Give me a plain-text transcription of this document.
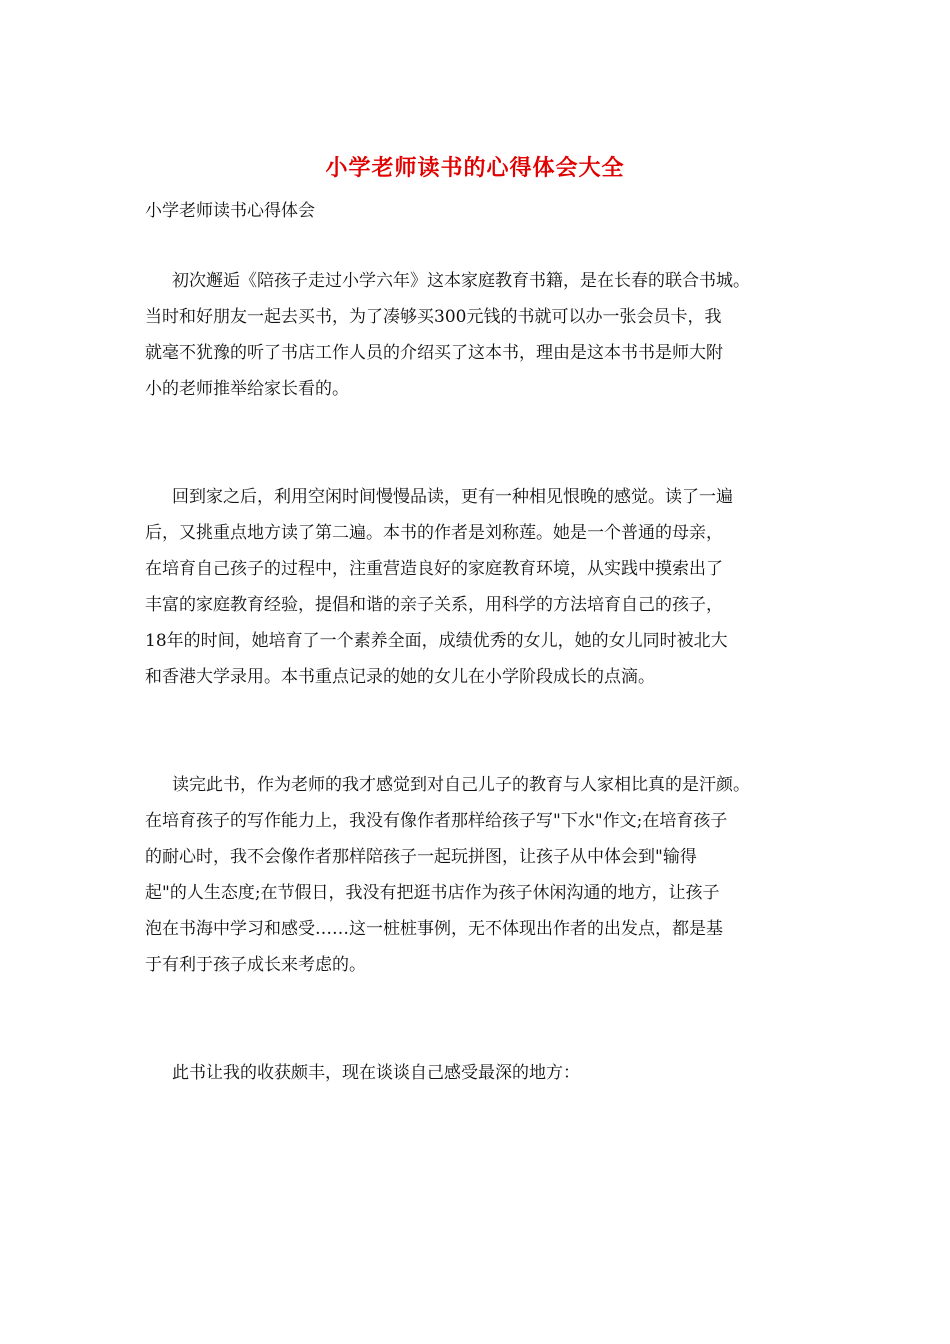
小学老师读书的心得体会大全
小学老师读书心得体会
初次邂逅《陪孩子走过小学六年》这本家庭教育书籍，是在长春的联合书城。
当时和好朋友一起去买书，为了凑够买300元钱的书就可以办一张会员卡，我
就毫不犹豫的听了书店工作人员的介绍买了这本书，理由是这本书书是师大附
小的老师推举给家长看的。
回到家之后，利用空闲时间慢慢品读，更有一种相见恨晚的感觉。读了一遍
后，又挑重点地方读了第二遍。本书的作者是刘称莲。她是一个普通的母亲，
在培育自己孩子的过程中，注重营造良好的家庭教育环境，从实践中摸索出了
丰富的家庭教育经验，提倡和谐的亲子关系，用科学的方法培育自己的孩子，
18年的时间，她培育了一个素养全面，成绩优秀的女儿，她的女儿同时被北大
和香港大学录用。本书重点记录的她的女儿在小学阶段成长的点滴。
读完此书，作为老师的我才感觉到对自己儿子的教育与人家相比真的是汗颜。
在培育孩子的写作能力上，我没有像作者那样给孩子写"下水"作文;在培育孩子
的耐心时，我不会像作者那样陪孩子一起玩拼图，让孩子从中体会到"输得
起"的人生态度;在节假日，我没有把逛书店作为孩子休闲沟通的地方，让孩子
泡在书海中学习和感受……这一桩桩事例，无不体现出作者的出发点，都是基
于有利于孩子成长来考虑的。
此书让我的收获颇丰，现在谈谈自己感受最深的地方：
